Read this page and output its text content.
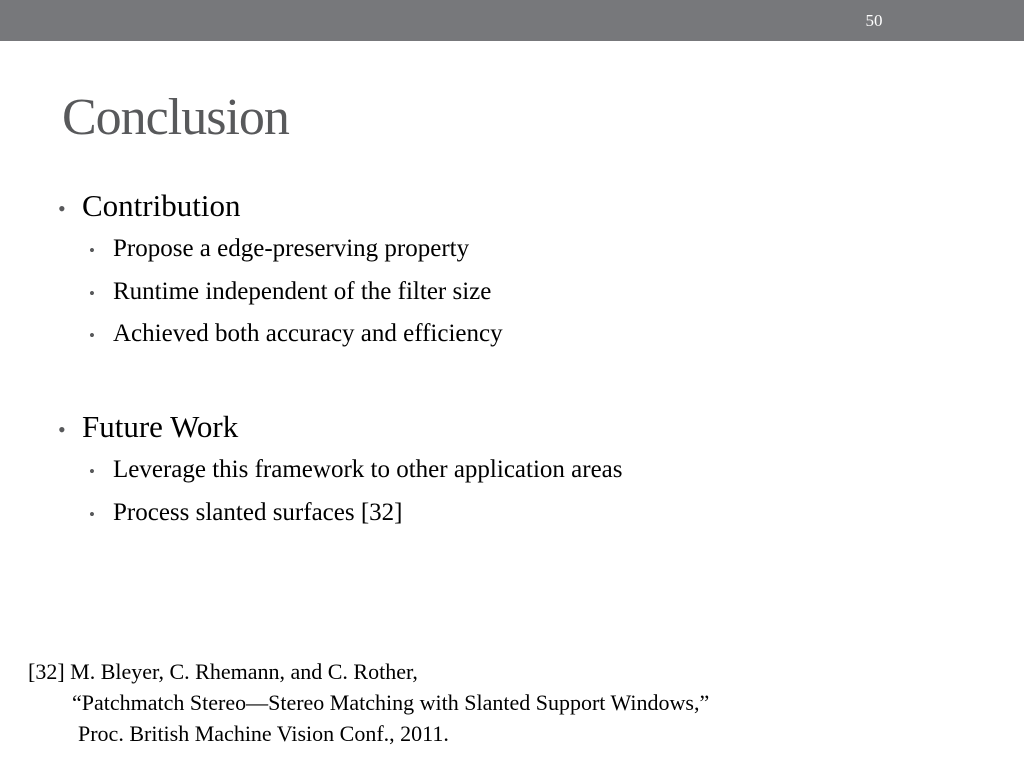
50
Conclusion
• Contribution
• Propose a edge-preserving property
• Runtime independent of the filter size
• Achieved both accuracy and efficiency
• Future Work
• Leverage this framework to other application areas
• Process slanted surfaces [32]
[32] M. Bleyer, C. Rhemann, and C. Rother,
“Patchmatch Stereo—Stereo Matching with Slanted Support Windows,”
Proc. British Machine Vision Conf., 2011.
